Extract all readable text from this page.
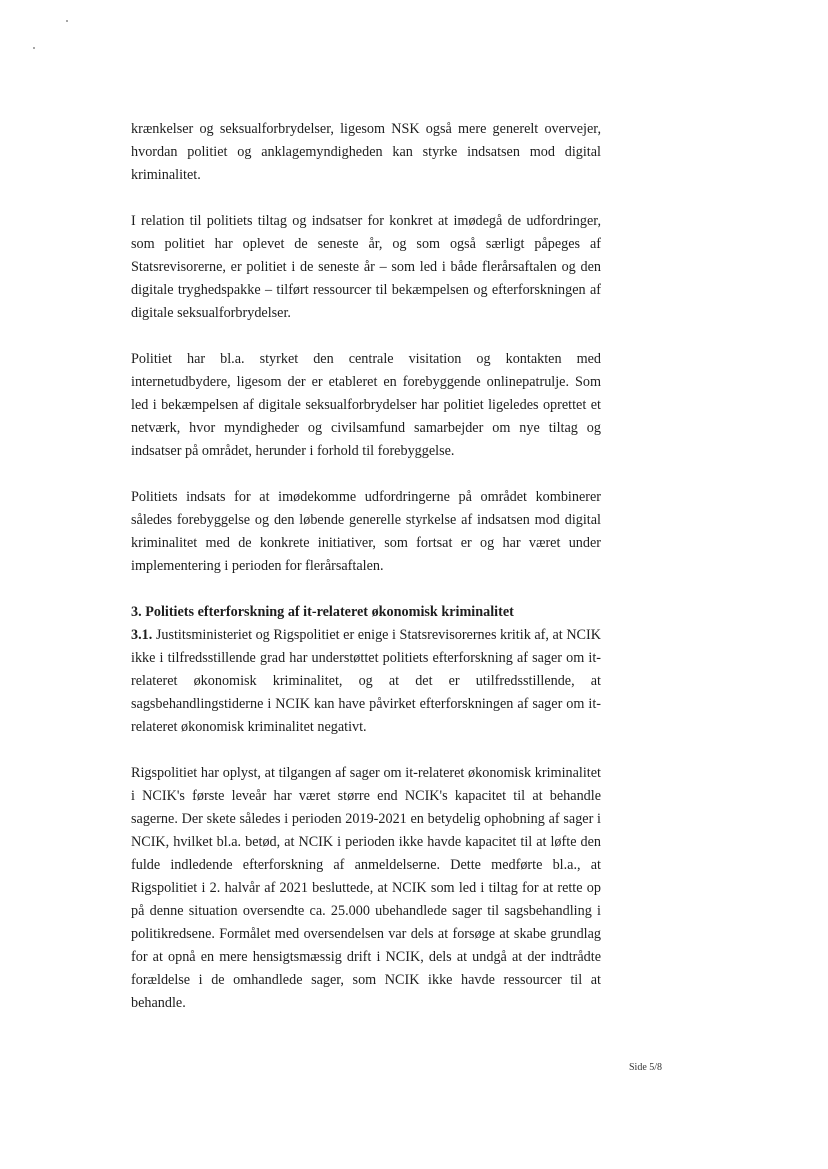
krænkelser og seksualforbrydelser, ligesom NSK også mere generelt overvejer, hvordan politiet og anklagemyndigheden kan styrke indsatsen mod digital kriminalitet.

I relation til politiets tiltag og indsatser for konkret at imødegå de udfordringer, som politiet har oplevet de seneste år, og som også særligt påpeges af Statsrevisorerne, er politiet i de seneste år – som led i både flerårsaftalen og den digitale tryghedspakke – tilført ressourcer til bekæmpelsen og efterforskningen af digitale seksualforbrydelser.

Politiet har bl.a. styrket den centrale visitation og kontakten med internetudbydere, ligesom der er etableret en forebyggende onlinepatrulje. Som led i bekæmpelsen af digitale seksualforbrydelser har politiet ligeledes oprettet et netværk, hvor myndigheder og civilsamfund samarbejder om nye tiltag og indsatser på området, herunder i forhold til forebyggelse.

Politiets indsats for at imødekomme udfordringerne på området kombinerer således forebyggelse og den løbende generelle styrkelse af indsatsen mod digital kriminalitet med de konkrete initiativer, som fortsat er og har været under implementering i perioden for flerårsaftalen.

3. Politiets efterforskning af it-relateret økonomisk kriminalitet

3.1. Justitsministeriet og Rigspolitiet er enige i Statsrevisorernes kritik af, at NCIK ikke i tilfredsstillende grad har understøttet politiets efterforskning af sager om it-relateret økonomisk kriminalitet, og at det er utilfredsstillende, at sagsbehandlingstiderne i NCIK kan have påvirket efterforskningen af sager om it-relateret økonomisk kriminalitet negativt.

Rigspolitiet har oplyst, at tilgangen af sager om it-relateret økonomisk kriminalitet i NCIK's første leveår har været større end NCIK's kapacitet til at behandle sagerne. Der skete således i perioden 2019-2021 en betydelig ophobning af sager i NCIK, hvilket bl.a. betød, at NCIK i perioden ikke havde kapacitet til at løfte den fulde indledende efterforskning af anmeldelserne. Dette medførte bl.a., at Rigspolitiet i 2. halvår af 2021 besluttede, at NCIK som led i tiltag for at rette op på denne situation oversendte ca. 25.000 ubehandlede sager til sagsbehandling i politikredsene. Formålet med oversendelsen var dels at forsøge at skabe grundlag for at opnå en mere hensigtsmæssig drift i NCIK, dels at undgå at der indtrådte forældelse i de omhandlede sager, som NCIK ikke havde ressourcer til at behandle.

Side 5/8
